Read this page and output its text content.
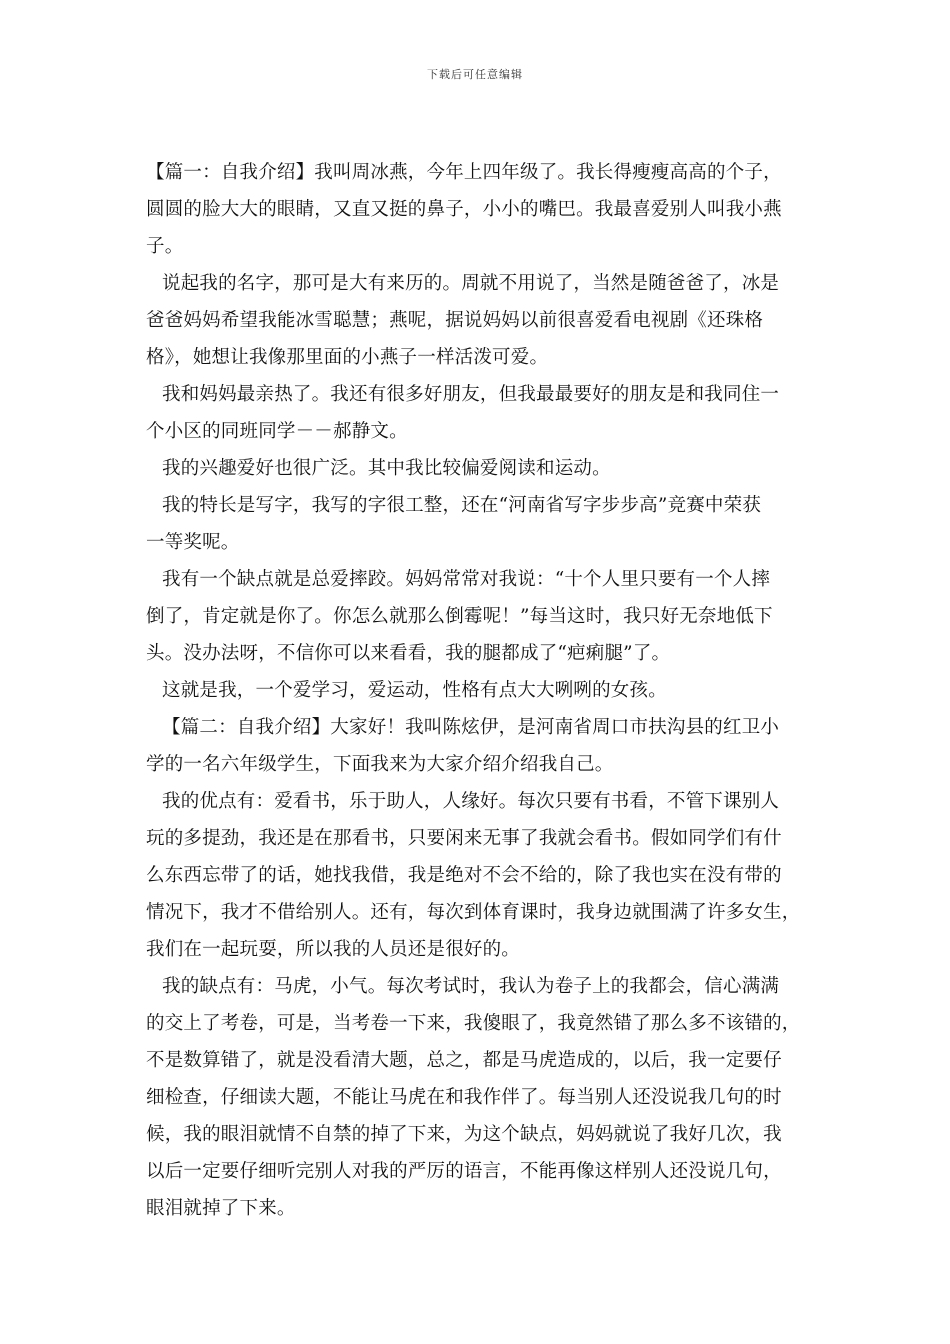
下载后可任意编辑
【篇一：自我介绍】我叫周冰燕，今年上四年级了。我长得瘦瘦高高的个子，
圆圆的脸大大的眼睛，又直又挺的鼻子，小小的嘴巴。我最喜爱别人叫我小燕
子。
说起我的名字，那可是大有来历的。周就不用说了，当然是随爸爸了，冰是
爸爸妈妈希望我能冰雪聪慧；燕呢，据说妈妈以前很喜爱看电视剧《还珠格
格》，她想让我像那里面的小燕子一样活泼可爱。
我和妈妈最亲热了。我还有很多好朋友，但我最最要好的朋友是和我同住一
个小区的同班同学－－郝静文。
我的兴趣爱好也很广泛。其中我比较偏爱阅读和运动。
我的特长是写字，我写的字很工整，还在“河南省写字步步高”竞赛中荣获
一等奖呢。
我有一个缺点就是总爱摔跤。妈妈常常对我说：“十个人里只要有一个人摔
倒了，肯定就是你了。你怎么就那么倒霉呢！”每当这时，我只好无奈地低下
头。没办法呀，不信你可以来看看，我的腿都成了“疤痢腿”了。
这就是我，一个爱学习，爱运动，性格有点大大咧咧的女孩。
【篇二：自我介绍】大家好！我叫陈炫伊，是河南省周口市扶沟县的红卫小
学的一名六年级学生，下面我来为大家介绍介绍我自己。
我的优点有：爱看书，乐于助人，人缘好。每次只要有书看，不管下课别人
玩的多提劲，我还是在那看书，只要闲来无事了我就会看书。假如同学们有什
么东西忘带了的话，她找我借，我是绝对不会不给的，除了我也实在没有带的
情况下，我才不借给别人。还有，每次到体育课时，我身边就围满了许多女生，
我们在一起玩耍，所以我的人员还是很好的。
我的缺点有：马虎，小气。每次考试时，我认为卷子上的我都会，信心满满
的交上了考卷，可是，当考卷一下来，我傻眼了，我竟然错了那么多不该错的，
不是数算错了，就是没看清大题，总之，都是马虎造成的，以后，我一定要仔
细检查，仔细读大题，不能让马虎在和我作伴了。每当别人还没说我几句的时
候，我的眼泪就情不自禁的掉了下来，为这个缺点，妈妈就说了我好几次，我
以后一定要仔细听完别人对我的严厉的语言，不能再像这样别人还没说几句，
眼泪就掉了下来。
